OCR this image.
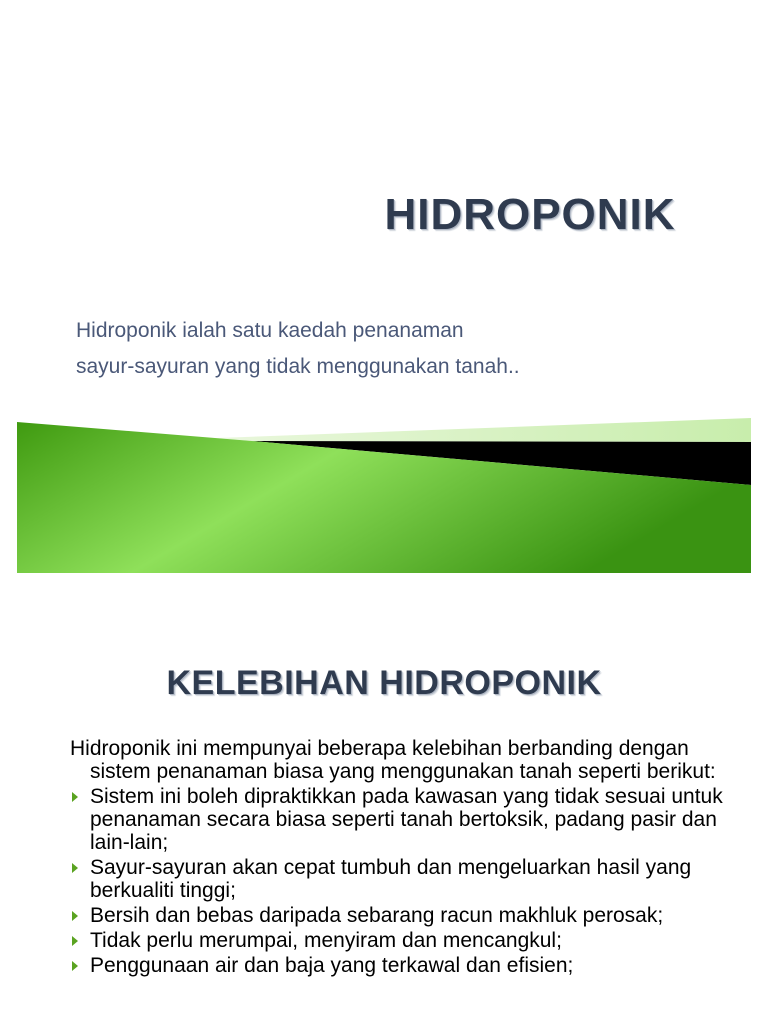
HIDROPONIK

Hidroponik ialah satu kaedah penanaman
sayur-sayuran yang tidak menggunakan tanah..

KELEBIHAN HIDROPONIK

Hidroponik ini mempunyai beberapa kelebihan berbanding dengan sistem penanaman biasa yang menggunakan tanah seperti berikut:

Sistem ini boleh dipraktikkan pada kawasan yang tidak sesuai untuk penanaman secara biasa seperti tanah bertoksik, padang pasir dan lain-lain;
Sayur-sayuran akan cepat tumbuh dan mengeluarkan hasil yang berkualiti tinggi;
Bersih dan bebas daripada sebarang racun makhluk perosak;
Tidak perlu merumpai, menyiram dan mencangkul;
Penggunaan air dan baja yang terkawal dan efisien;
